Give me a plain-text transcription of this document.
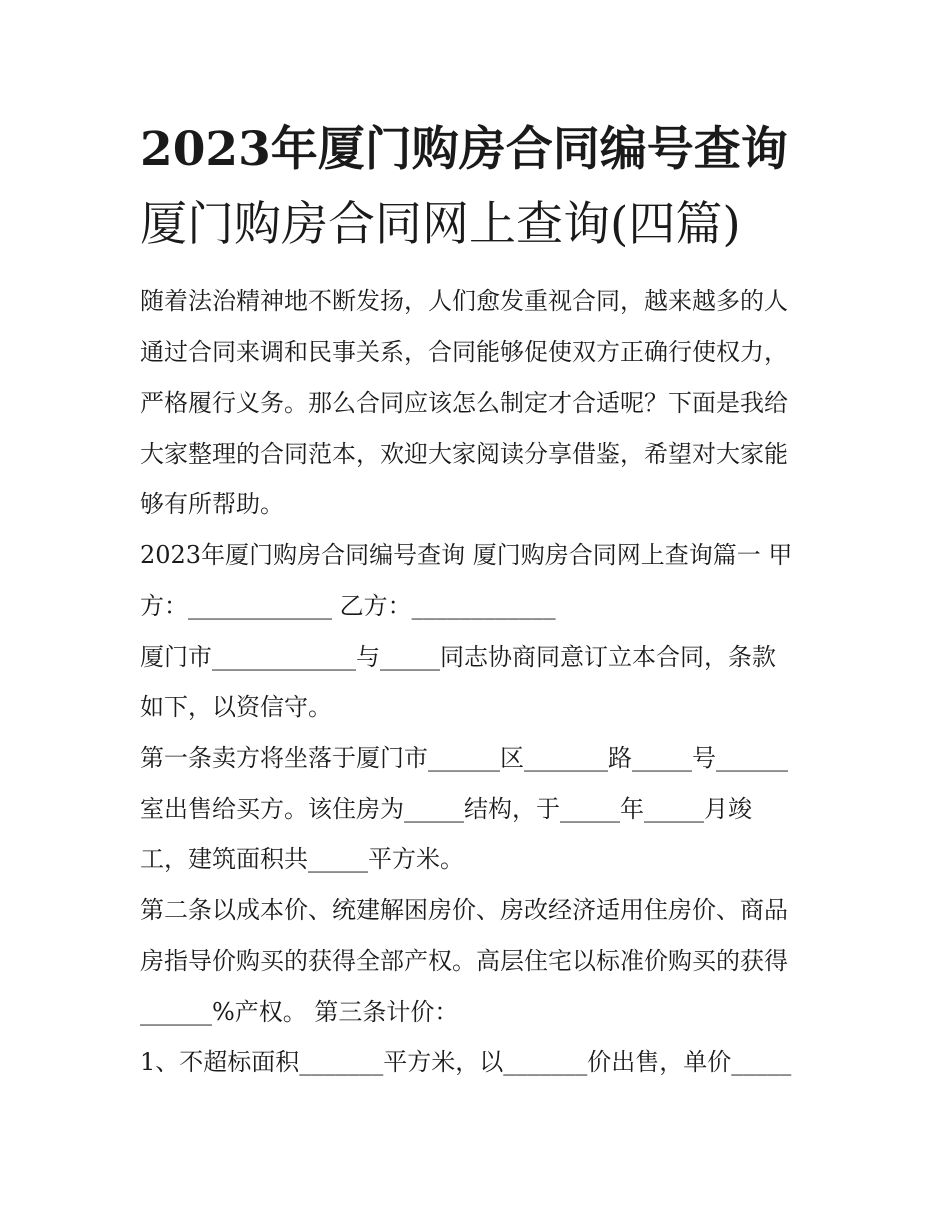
2023年厦门购房合同编号查询
厦门购房合同网上查询(四篇)
随着法治精神地不断发扬，人们愈发重视合同，越来越多的人
通过合同来调和民事关系，合同能够促使双方正确行使权力，
严格履行义务。那么合同应该怎么制定才合适呢？下面是我给
大家整理的合同范本，欢迎大家阅读分享借鉴，希望对大家能
够有所帮助。
2023年厦门购房合同编号查询 厦门购房合同网上查询篇一 甲
方：____________ 乙方：____________
厦门市____________与_____同志协商同意订立本合同，条款
如下，以资信守。
第一条卖方将坐落于厦门市______区_______路_____号______
室出售给买方。该住房为_____结构，于_____年_____月竣
工，建筑面积共_____平方米。
第二条以成本价、统建解困房价、房改经济适用住房价、商品
房指导价购买的获得全部产权。高层住宅以标准价购买的获得
______%产权。 第三条计价：
1、不超标面积_______平方米，以_______价出售，单价_____
